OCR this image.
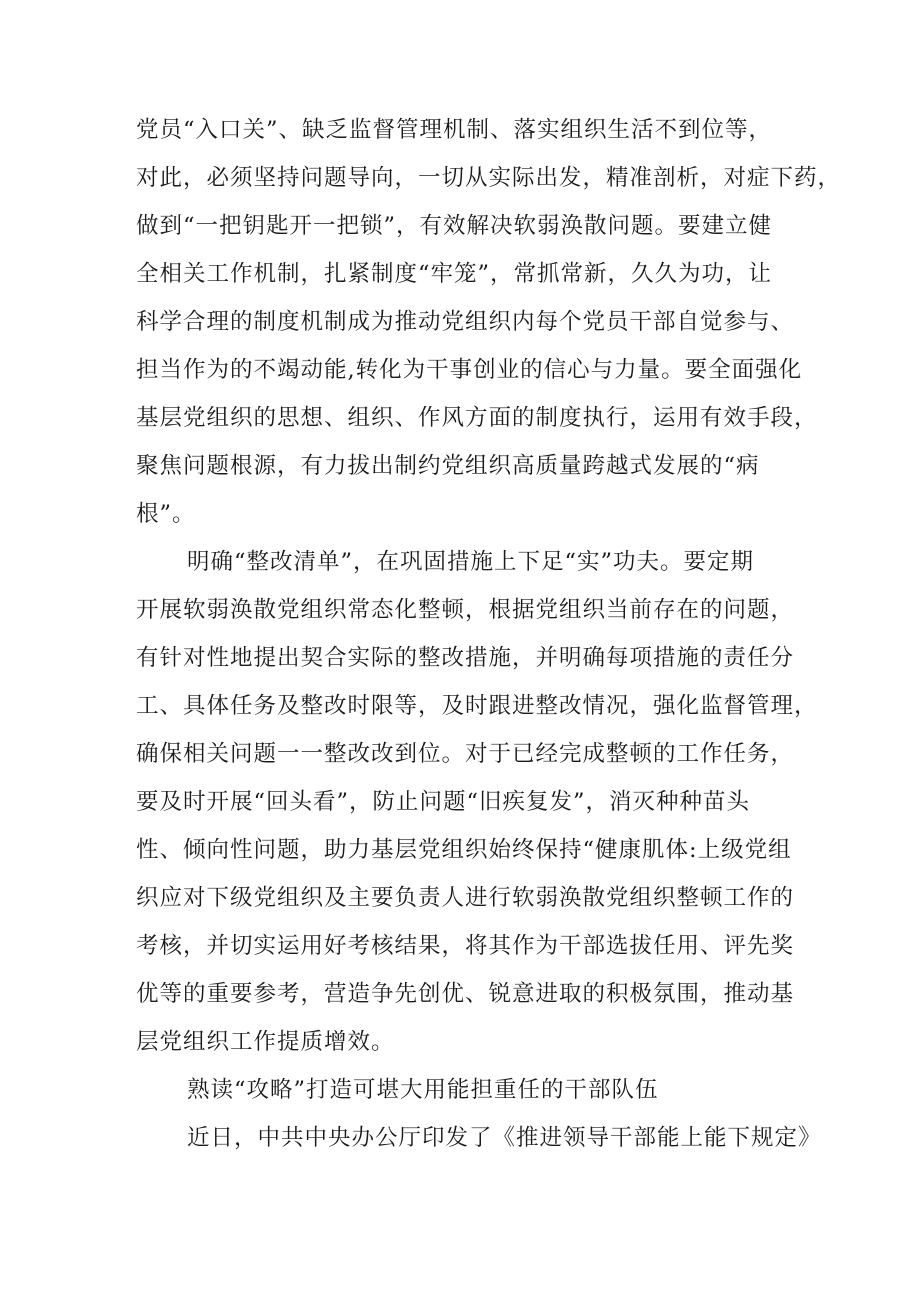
党员“入口关”、缺乏监督管理机制、落实组织生活不到位等，
对此，必须坚持问题导向，一切从实际出发，精准剖析，对症下药，
做到“一把钥匙开一把锁”，有效解决软弱涣散问题。要建立健
全相关工作机制，扎紧制度“牢笼”，常抓常新，久久为功，让
科学合理的制度机制成为推动党组织内每个党员干部自觉参与、
担当作为的不竭动能,转化为干事创业的信心与力量。要全面强化
基层党组织的思想、组织、作风方面的制度执行，运用有效手段，
聚焦问题根源，有力拔出制约党组织高质量跨越式发展的“病
根”。
明确“整改清单”，在巩固措施上下足“实”功夫。要定期
开展软弱涣散党组织常态化整顿，根据党组织当前存在的问题，
有针对性地提出契合实际的整改措施，并明确每项措施的责任分
工、具体任务及整改时限等，及时跟进整改情况，强化监督管理，
确保相关问题一一整改改到位。对于已经完成整顿的工作任务，
要及时开展“回头看”，防止问题“旧疾复发”，消灭种种苗头
性、倾向性问题，助力基层党组织始终保持“健康肌体:上级党组
织应对下级党组织及主要负责人进行软弱涣散党组织整顿工作的
考核，并切实运用好考核结果，将其作为干部选拔任用、评先奖
优等的重要参考，营造争先创优、锐意进取的积极氛围，推动基
层党组织工作提质增效。
熟读“攻略”打造可堪大用能担重任的干部队伍
近日，中共中央办公厅印发了《推进领导干部能上能下规定》
